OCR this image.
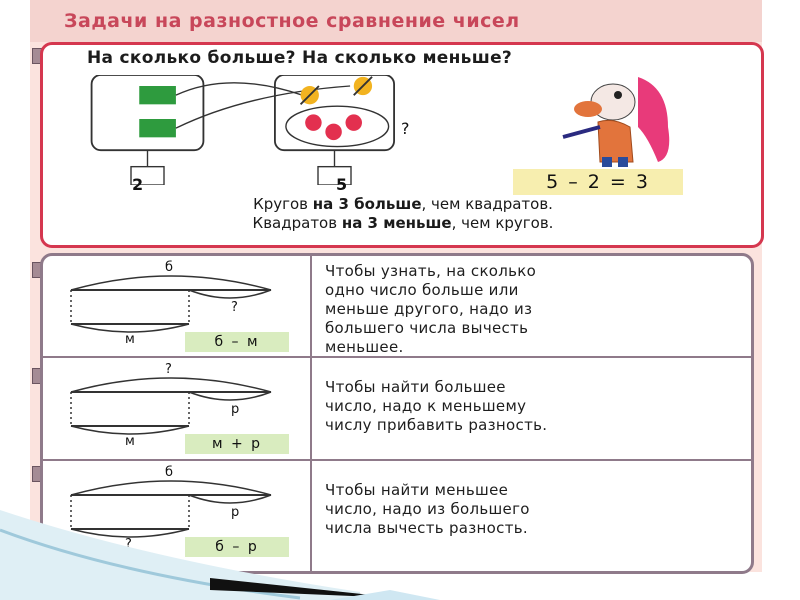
Задачи на разностное сравнение чисел
На сколько больше? На сколько меньше?
2	5
?
5 – 2 = 3
Кругов на 3 больше, чем квадратов.
Квадратов на 3 меньше, чем кругов.
б
?
м	б – м
Чтобы узнать, на сколько
одно число больше или
меньше другого, надо из
большего числа вычесть
меньшее.
?
р
м	м + р
Чтобы найти большее
число, надо к меньшему
числу прибавить разность.
б
р
?	б – р
Чтобы найти меньшее
число, надо из большего
числа вычесть разность.
